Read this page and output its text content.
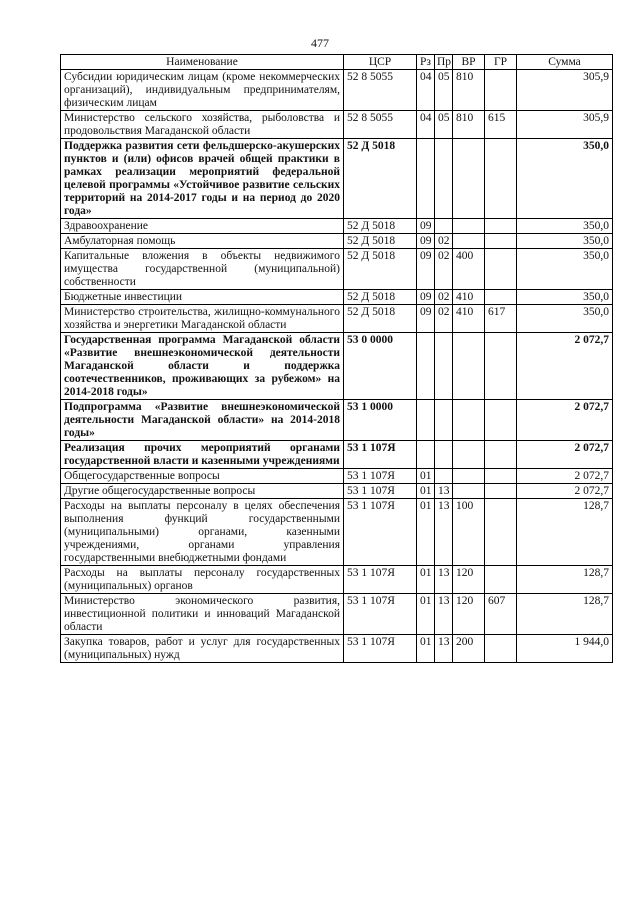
477
Наименование	ЦСР	Рз	Пр	ВР	ГР	Сумма
Субсидии юридическим лицам (кроме некоммерческих организаций), индивидуальным предпринимателям, физическим лицам	52 8 5055	04	05	810		305,9
Министерство сельского хозяйства, рыболовства и продовольствия Магаданской области	52 8 5055	04	05	810	615	305,9
Поддержка развития сети фельдшерско-акушерских пунктов и (или) офисов врачей общей практики в рамках реализации мероприятий федеральной целевой программы «Устойчивое развитие сельских территорий на 2014-2017 годы и на период до 2020 года»	52 Д 5018					350,0
Здравоохранение	52 Д 5018	09				350,0
Амбулаторная помощь	52 Д 5018	09	02			350,0
Капитальные вложения в объекты недвижимого имущества государственной (муниципальной) собственности	52 Д 5018	09	02	400		350,0
Бюджетные инвестиции	52 Д 5018	09	02	410		350,0
Министерство строительства, жилищно-коммунального хозяйства и энергетики Магаданской области	52 Д 5018	09	02	410	617	350,0
Государственная программа Магаданской области «Развитие внешнеэкономической деятельности Магаданской области и поддержка соотечественников, проживающих за рубежом» на 2014-2018 годы»	53 0 0000					2 072,7
Подпрограмма «Развитие внешнеэкономической деятельности Магаданской области» на 2014-2018 годы»	53 1 0000					2 072,7
Реализация прочих мероприятий органами государственной власти и казенными учреждениями	53 1 107Я					2 072,7
Общегосударственные вопросы	53 1 107Я	01				2 072,7
Другие общегосударственные вопросы	53 1 107Я	01	13			2 072,7
Расходы на выплаты персоналу в целях обеспечения выполнения функций государственными (муниципальными) органами, казенными учреждениями, органами управления государственными внебюджетными фондами	53 1 107Я	01	13	100		128,7
Расходы на выплаты персоналу государственных (муниципальных) органов	53 1 107Я	01	13	120		128,7
Министерство экономического развития, инвестиционной политики и инноваций Магаданской области	53 1 107Я	01	13	120	607	128,7
Закупка товаров, работ и услуг для государственных (муниципальных) нужд	53 1 107Я	01	13	200		1 944,0
